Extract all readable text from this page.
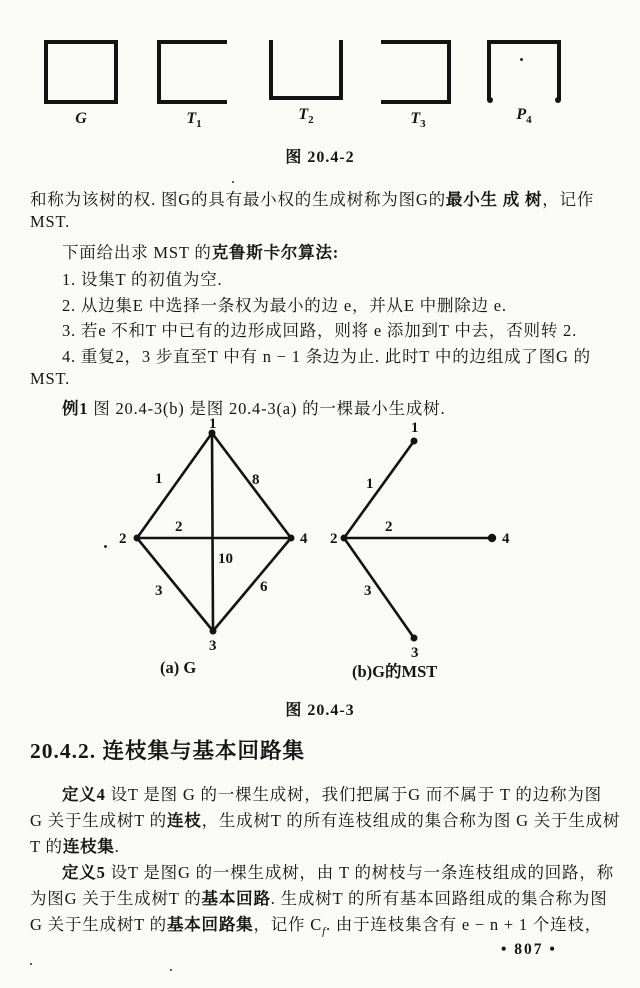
G	$T_1$
$T_2$	$T_3$
$P_4$
图 20.4-2
和称为该树的权. 图G的具有最小权的生成树称为图G的最小生 成 树，记作
MST.
下面给出求 MST 的克鲁斯卡尔算法:
1. 设集T 的初值为空.
2. 从边集E 中选择一条权为最小的边 e，并从E 中删除边 e.
3. 若e 不和T 中已有的边形成回路，则将 e 添加到T 中去，否则转 2.
4. 重复2，3 步直至T 中有 n − 1 条边为止. 此时T 中的边组成了图G 的
MST.
例1 图 20.4-3(b) 是图 20.4-3(a) 的一棵最小生成树.
1
2	4
3
1	8
2
10
3	6
1
2	4
3
1
2
3
(a) G	(b)G的MST
图 20.4-3
20.4.2. 连枝集与基本回路集
定义4 设T 是图 G 的一棵生成树，我们把属于G 而不属于 T 的边称为图
G 关于生成树T 的连枝，生成树T 的所有连枝组成的集合称为图 G 关于生成树
T 的连枝集.
定义5 设T 是图G 的一棵生成树，由 T 的树枝与一条连枝组成的回路，称
为图G 关于生成树T 的基本回路. 生成树T 的所有基本回路组成的集合称为图
G 关于生成树T 的基本回路集，记作 $C_f$. 由于连枝集含有 e − n + 1 个连枝，
• 807 •
